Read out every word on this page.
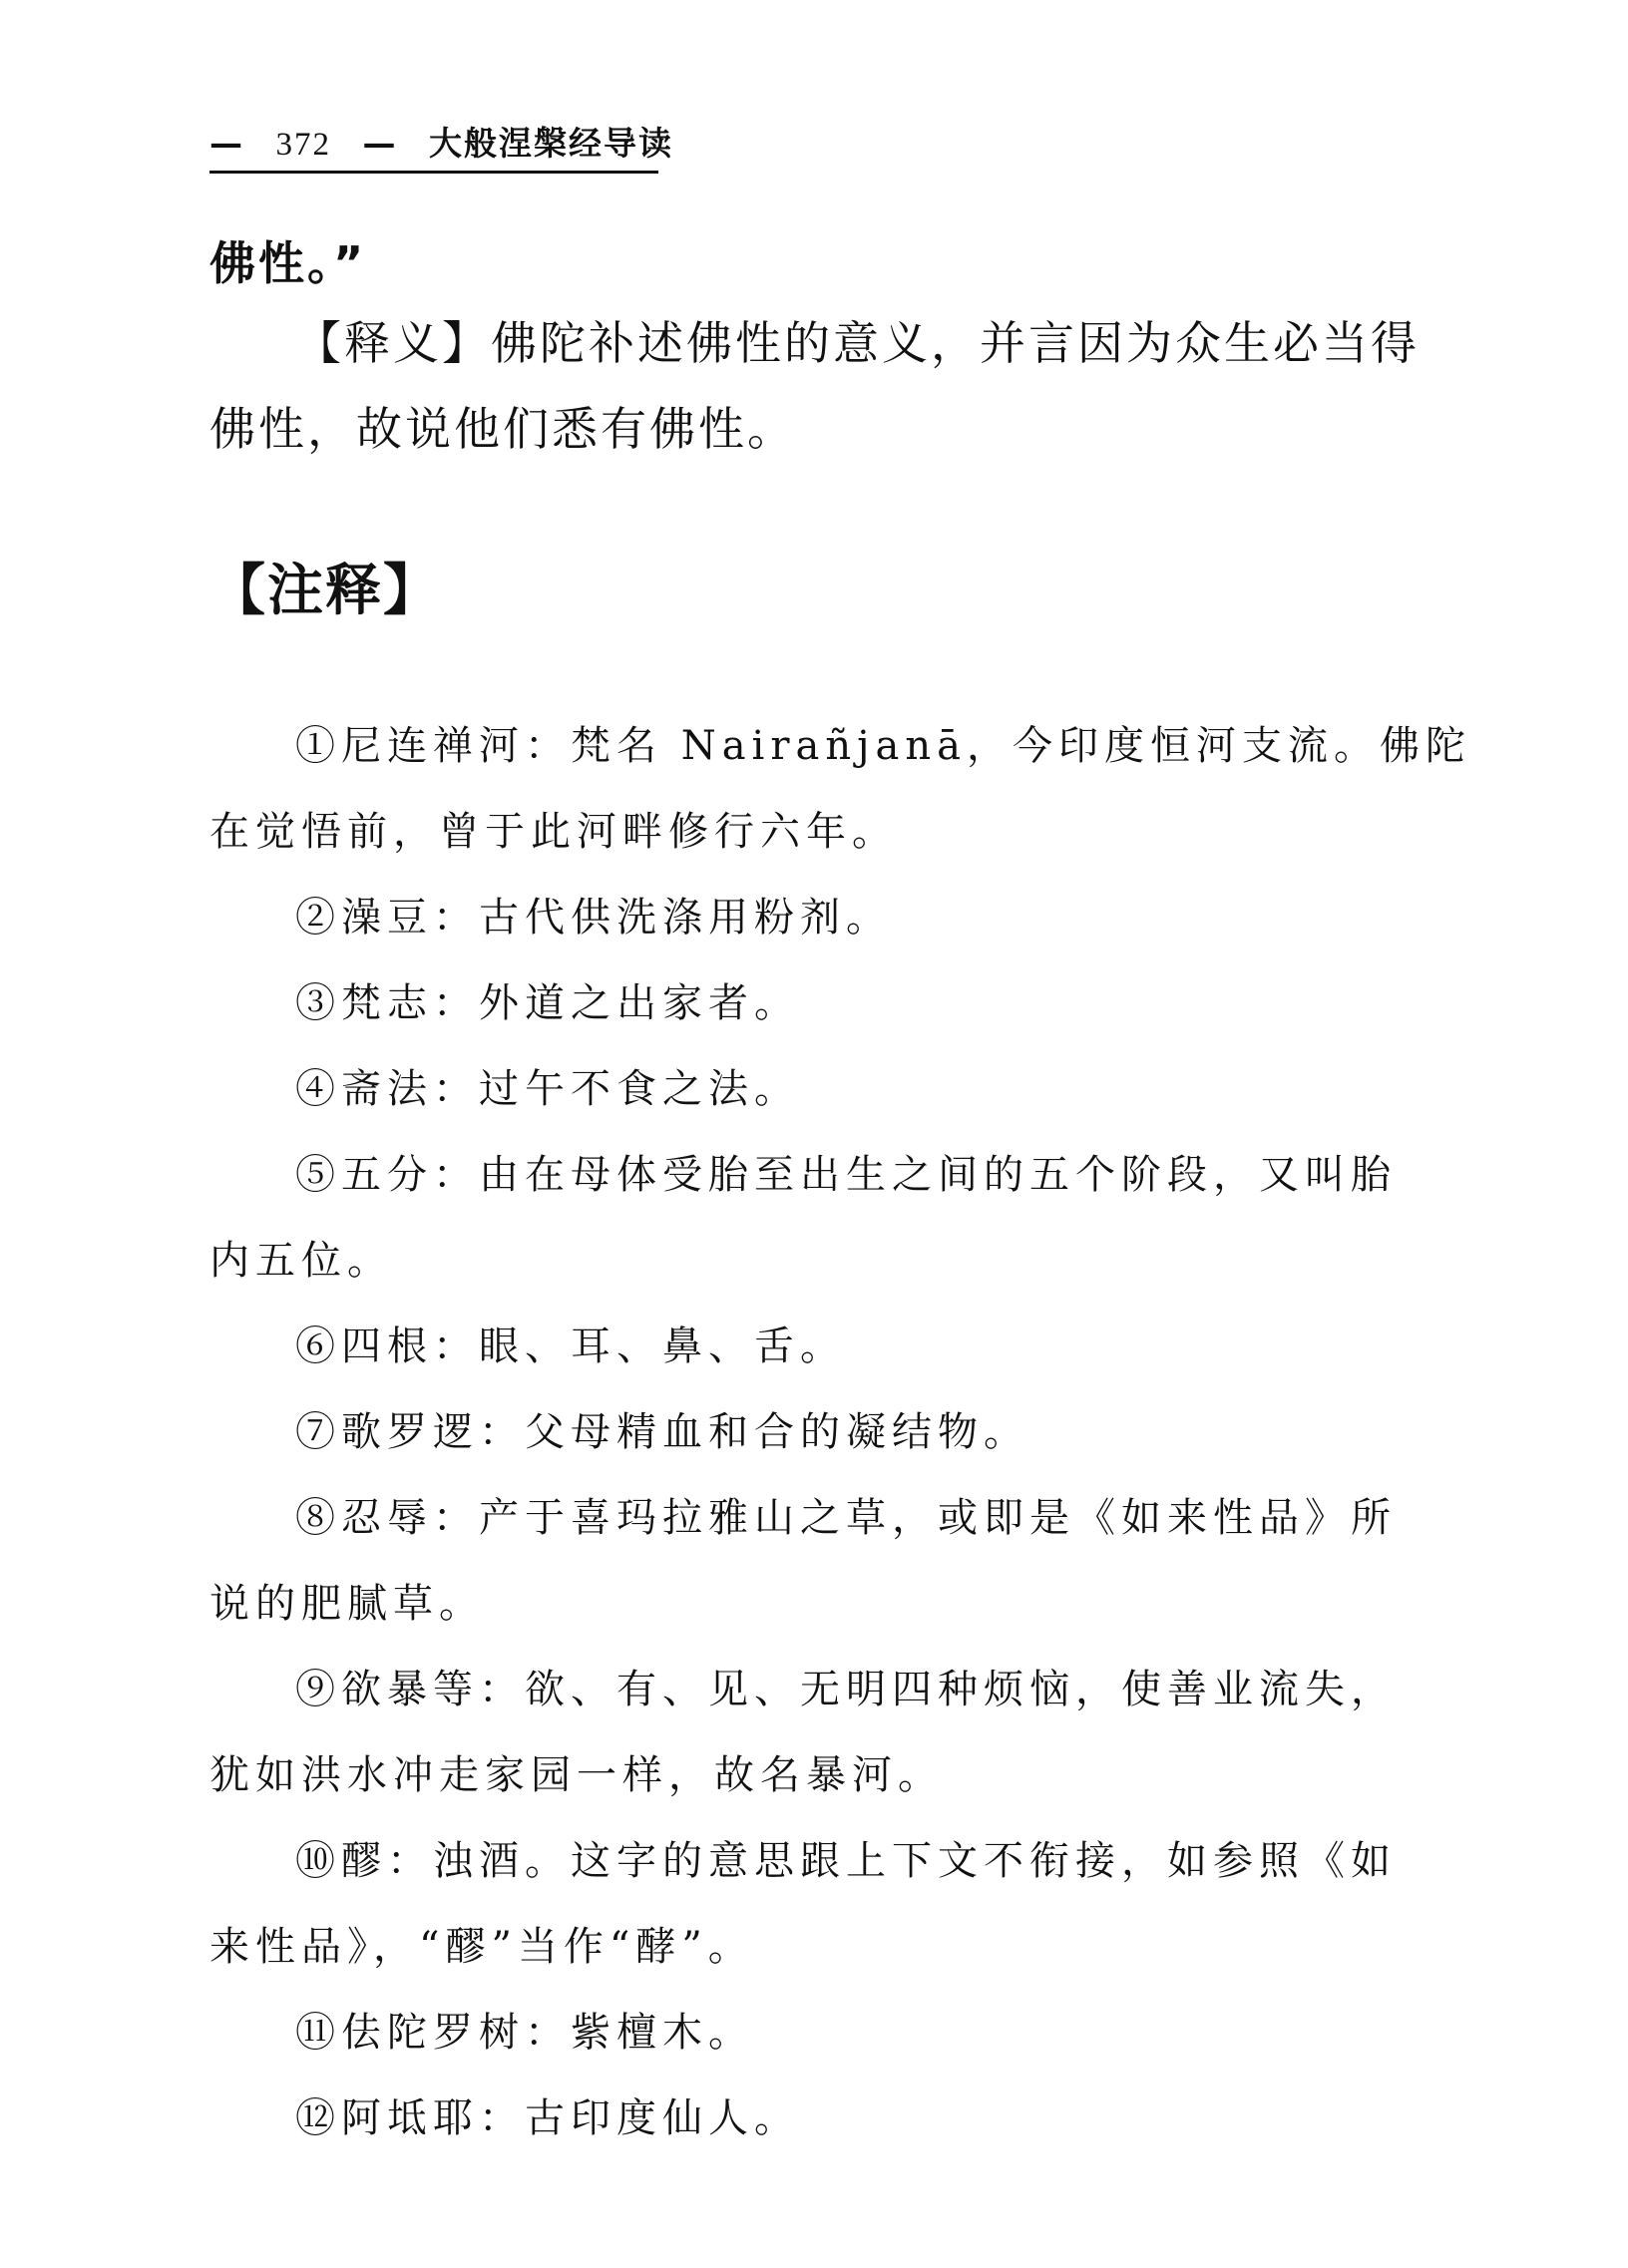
— 372 — 大般涅槃经导读
佛性。”
【释义】佛陀补述佛性的意义，并言因为众生必当得
佛性，故说他们悉有佛性。
【注释】
①尼连禅河：梵名 Nairañjanā，今印度恒河支流。佛陀
在觉悟前，曾于此河畔修行六年。
②澡豆：古代供洗涤用粉剂。
③梵志：外道之出家者。
④斋法：过午不食之法。
⑤五分：由在母体受胎至出生之间的五个阶段，又叫胎
内五位。
⑥四根：眼、耳、鼻、舌。
⑦歌罗逻：父母精血和合的凝结物。
⑧忍辱：产于喜玛拉雅山之草，或即是《如来性品》所
说的肥腻草。
⑨欲暴等：欲、有、见、无明四种烦恼，使善业流失，
犹如洪水冲走家园一样，故名暴河。
⑩醪：浊酒。这字的意思跟上下文不衔接，如参照《如
来性品》，“醪”当作“酵”。
⑪佉陀罗树：紫檀木。
⑫阿坻耶：古印度仙人。
